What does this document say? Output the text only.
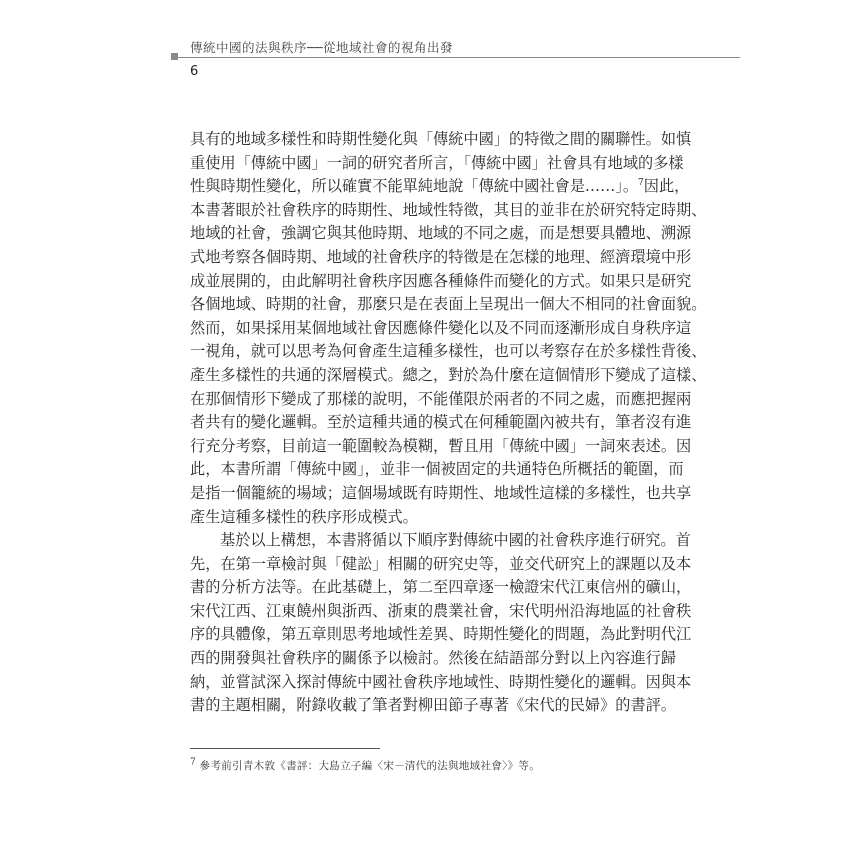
傳統中國的法與秩序──從地域社會的視角出發
6
具有的地域多樣性和時期性變化與「傳統中國」的特徵之間的關聯性。如慎
重使用「傳統中國」一詞的研究者所言，「傳統中國」社會具有地域的多樣
性與時期性變化，所以確實不能單純地說「傳統中國社會是……」。$^7$因此，
本書著眼於社會秩序的時期性、地域性特徵，其目的並非在於研究特定時期、
地域的社會，強調它與其他時期、地域的不同之處，而是想要具體地、溯源
式地考察各個時期、地域的社會秩序的特徵是在怎樣的地理、經濟環境中形
成並展開的，由此解明社會秩序因應各種條件而變化的方式。如果只是研究
各個地域、時期的社會，那麼只是在表面上呈現出一個大不相同的社會面貌。
然而，如果採用某個地域社會因應條件變化以及不同而逐漸形成自身秩序這
一視角，就可以思考為何會產生這種多樣性，也可以考察存在於多樣性背後、
產生多樣性的共通的深層模式。總之，對於為什麼在這個情形下變成了這樣、
在那個情形下變成了那樣的說明，不能僅限於兩者的不同之處，而應把握兩
者共有的變化邏輯。至於這種共通的模式在何種範圍內被共有，筆者沒有進
行充分考察，目前這一範圍較為模糊，暫且用「傳統中國」一詞來表述。因
此，本書所謂「傳統中國」，並非一個被固定的共通特色所概括的範圍，而
是指一個籠統的場域；這個場域既有時期性、地域性這樣的多樣性，也共享
產生這種多樣性的秩序形成模式。
基於以上構想，本書將循以下順序對傳統中國的社會秩序進行研究。首
先，在第一章檢討與「健訟」相關的研究史等，並交代研究上的課題以及本
書的分析方法等。在此基礎上，第二至四章逐一檢證宋代江東信州的礦山，
宋代江西、江東饒州與浙西、浙東的農業社會，宋代明州沿海地區的社會秩
序的具體像，第五章則思考地域性差異、時期性變化的問題，為此對明代江
西的開發與社會秩序的關係予以檢討。然後在結語部分對以上內容進行歸
納，並嘗試深入探討傳統中國社會秩序地域性、時期性變化的邏輯。因與本
書的主題相關，附錄收載了筆者對柳田節子專著《宋代的民婦》的書評。
$^7$ 參考前引青木敦《書評：大島立子編〈宋－清代的法與地域社會〉》等。
